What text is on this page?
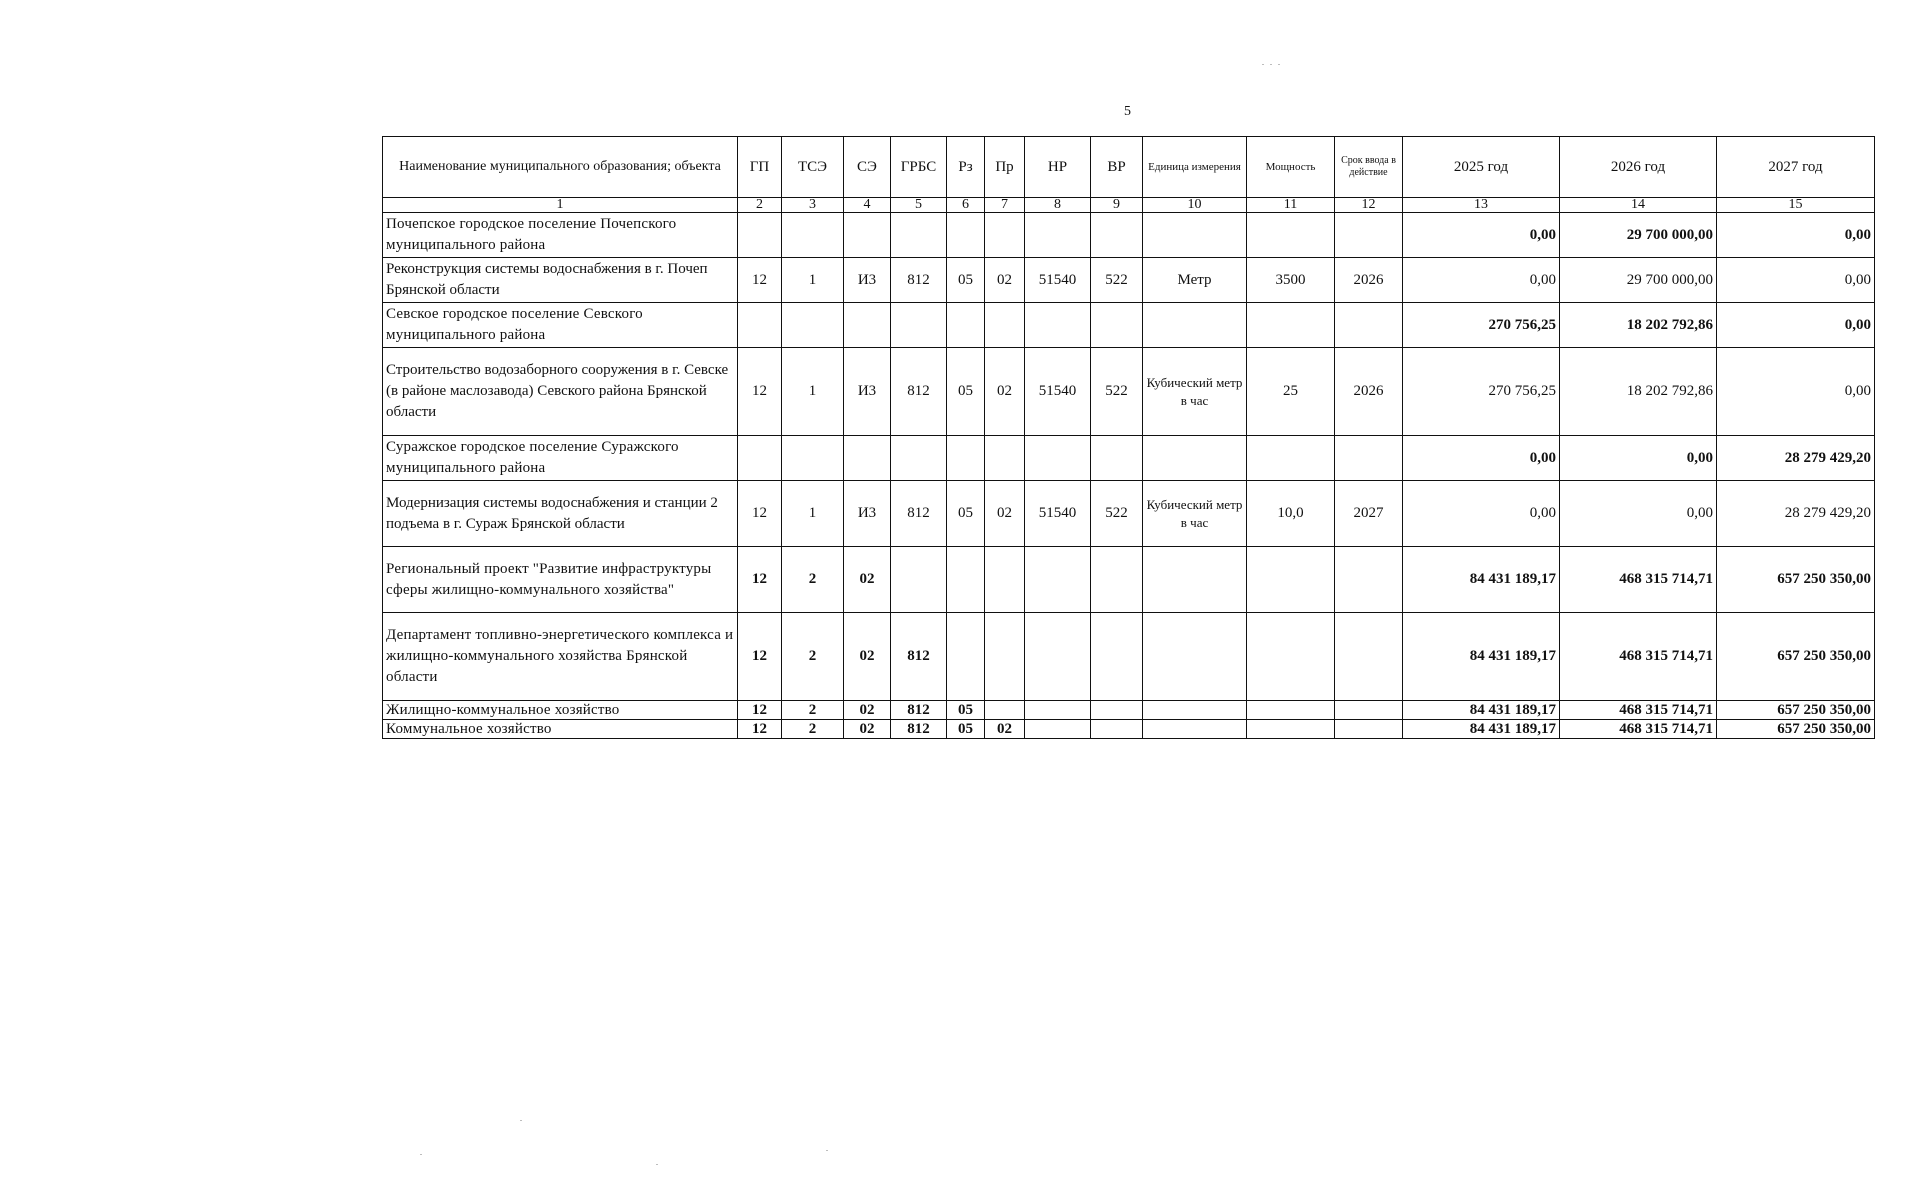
5
Наименование муниципального образования; объекта	ГП	ТСЭ	СЭ	ГРБС	Рз	Пр	НР	ВР	Единица измерения	Мощность	Срок ввода в действие	2025 год	2026 год	2027 год
1	2	3	4	5	6	7	8	9	10	11	12	13	14	15
Почепское городское поселение Почепского муниципального района												0,00	29 700 000,00	0,00
Реконструкция системы водоснабжения в г. Почеп Брянской области	12	1	И3	812	05	02	51540	522	Метр	3500	2026	0,00	29 700 000,00	0,00
Севское городское поселение Севского муниципального района												270 756,25	18 202 792,86	0,00
Строительство водозаборного сооружения в г. Севске (в районе маслозавода) Севского района Брянской области	12	1	И3	812	05	02	51540	522	Кубический метр в час	25	2026	270 756,25	18 202 792,86	0,00
Суражское городское поселение Суражского муниципального района												0,00	0,00	28 279 429,20
Модернизация системы водоснабжения и станции 2 подъема в г. Сураж Брянской области	12	1	И3	812	05	02	51540	522	Кубический метр в час	10,0	2027	0,00	0,00	28 279 429,20
Региональный проект "Развитие инфраструктуры сферы жилищно-коммунального хозяйства"	12	2	02									84 431 189,17	468 315 714,71	657 250 350,00
Департамент топливно-энергетического комплекса и жилищно-коммунального хозяйства Брянской области	12	2	02	812								84 431 189,17	468 315 714,71	657 250 350,00
Жилищно-коммунальное хозяйство	12	2	02	812	05							84 431 189,17	468 315 714,71	657 250 350,00
Коммунальное хозяйство	12	2	02	812	05	02						84 431 189,17	468 315 714,71	657 250 350,00
